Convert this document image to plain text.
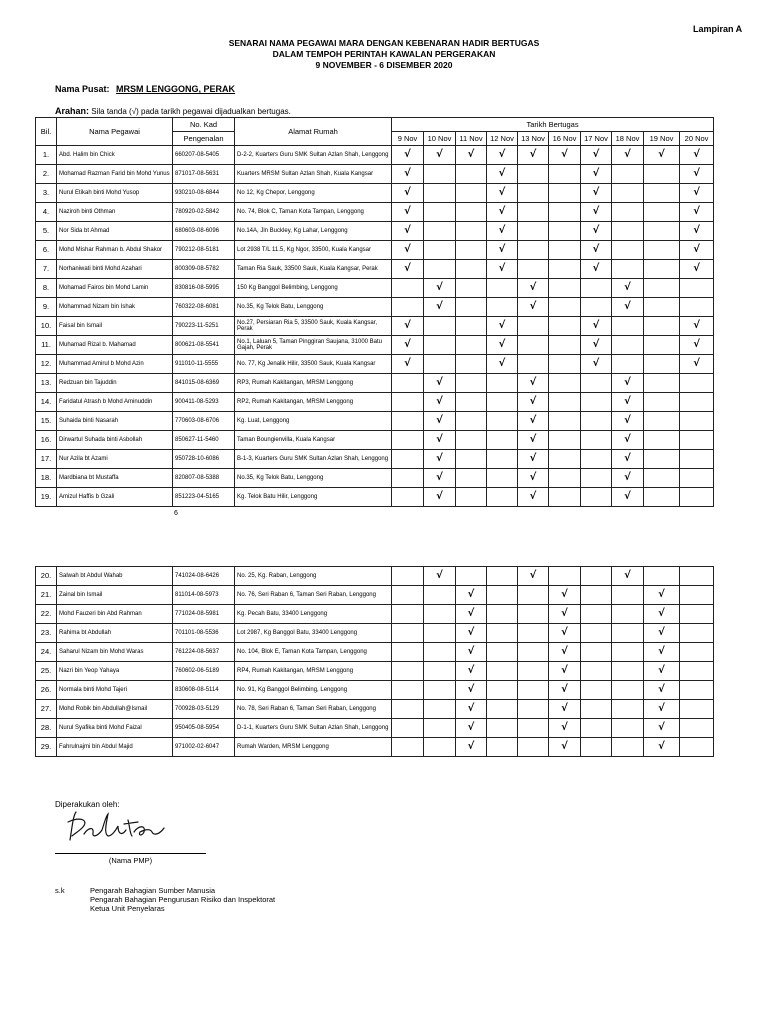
Lampiran A
SENARAI NAMA PEGAWAI MARA DENGAN KEBENARAN HADIR BERTUGAS
DALAM TEMPOH PERINTAH KAWALAN PERGERAKAN
9 NOVEMBER - 6 DISEMBER 2020
Nama Pusat: MRSM LENGGONG, PERAK
Arahan: Sila tanda (√) pada tarikh pegawai dijadualkan bertugas.
Bil.	Nama Pegawai	No. Kad	Alamat Rumah	Tarikh Bertugas									
		Pengenalan		9 Nov	10 Nov	11 Nov	12 Nov	13 Nov	16 Nov	17 Nov	18 Nov	19 Nov	20 Nov
1.	Abd. Halim bin Chick	660207-08-5405	D-2-2, Kuarters Guru SMK Sultan Azlan Shah, Lenggong	√	√	√	√	√	√	√	√	√	√
2.	Mohamad Razman Farid bin Mohd Yunus	871017-08-5631	Kuarters MRSM Sultan Azlan Shah, Kuala Kangsar	√			√			√			√
3.	Nurul Etikah binti Mohd Yusop	930210-08-6844	No 12, Kg Chepor, Lenggong	√			√			√			√
4.	Naziroh binti Othman	780920-02-5842	No. 74, Blok C, Taman Kota Tampan, Lenggong	√			√			√			√
5.	Nor Sida bt Ahmad	680603-08-6096	No.14A, Jln Buckley, Kg Lahar, Lenggong	√			√			√			√
6.	Mohd Mishar Rahman b. Abdul Shakor	790212-08-5181	Lot 2938 T/L 11.5, Kg Ngor, 33500, Kuala Kangsar	√			√			√			√
7.	Norhaniwati binti Mohd Azahari	800309-08-5782	Taman Ria Sauk, 33500 Sauk, Kuala Kangsar, Perak	√			√			√			√
8.	Mohamad Fairos bin Mohd Lamin	830816-08-5995	150 Kg Banggol Belimbing, Lenggong		√			√			√		
9.	Mohammad Nizam bin Ishak	760322-08-6081	No.35, Kg Telok Batu, Lenggong		√			√			√		
10.	Faisal bin Ismail	790223-11-5251	No.27, Persiaran Ria 5, 33500 Sauk, Kuala Kangsar, Perak	√			√			√			√
11.	Muhamad Rizal b. Mahamad	800621-08-5541	No.1, Laluan 5, Taman Pinggiran Saujana, 31000 Batu Gajah, Perak	√			√			√			√
12.	Muhammad Amirul b Mohd Azin	911010-11-5555	No. 77, Kg Jenalik Hilir, 33500 Sauk, Kuala Kangsar	√			√			√			√
13.	Redzuan bin Tajuddin	841015-08-6369	RP3, Rumah Kakitangan, MRSM Lenggong		√			√			√		
14.	Faridatul Atrash b Mohd Aminuddin	900411-08-5293	RP2, Rumah Kakitangan, MRSM Lenggong		√			√			√		
15.	Suhaida binti Nasarah	770603-08-6706	Kg. Luat, Lenggong		√			√			√		
16.	Dirwartul Suhada binti Asbollah	850627-11-5460	Taman Boungienvilla, Kuala Kangsar		√			√			√		
17.	Nur Azila bt Azami	950728-10-6086	B-1-3, Kuarters Guru SMK Sultan Azlan Shah, Lenggong		√			√			√		
18.	Mardbiana bt Mustaffa	820807-08-5388	No.35, Kg Telok Batu, Lenggong		√			√			√		
19.	Amizul Haffis b Gzali	851223-04-5165	Kg. Telok Batu Hilir, Lenggong		√			√			√		
6
20.	Salwah bt Abdul Wahab	741024-08-6426	No. 25, Kg. Raban, Lenggong		√			√			√		
21.	Zainal bin Ismail	811014-08-5973	No. 76, Seri Raban 6, Taman Seri Raban, Lenggong			√			√			√	
22.	Mohd Fauzeri bin Abd Rahman	771024-08-5981	Kg. Pecah Batu, 33400 Lenggong			√			√			√	
23.	Rahima bt Abdullah	701101-08-5536	Lot 2987, Kg Banggol Batu, 33400 Lenggong			√			√			√	
24.	Saharul Nizam bin Mohd Waras	761224-08-5637	No. 104, Blok E, Taman Kota Tampan, Lenggong			√			√			√	
25.	Nazri bin Yeop Yahaya	760602-06-5189	RP4, Rumah Kakitangan, MRSM Lenggong			√			√			√	
26.	Normala binti Mohd Tajeri	830608-08-5114	No. 91, Kg Banggol Belimbing, Lenggong			√			√			√	
27.	Mohd Robik bin Abdullah@Ismail	700928-03-5129	No. 78, Seri Raban 6, Taman Seri Raban, Lenggong			√			√			√	
28.	Nurul Syafika binti Mohd Faizal	950405-08-5954	D-1-1, Kuarters Guru SMK Sultan Azlan Shah, Lenggong			√			√			√	
29.	Fahrulnajmi bin Abdul Majid	971002-02-6047	Rumah Warden, MRSM Lenggong			√			√			√	
Diperakukan oleh:
(Nama PMP)
s.k	Pengarah Bahagian Sumber Manusia
Pengarah Bahagian Pengurusan Risiko dan Inspektorat
Ketua Unit Penyelaras
